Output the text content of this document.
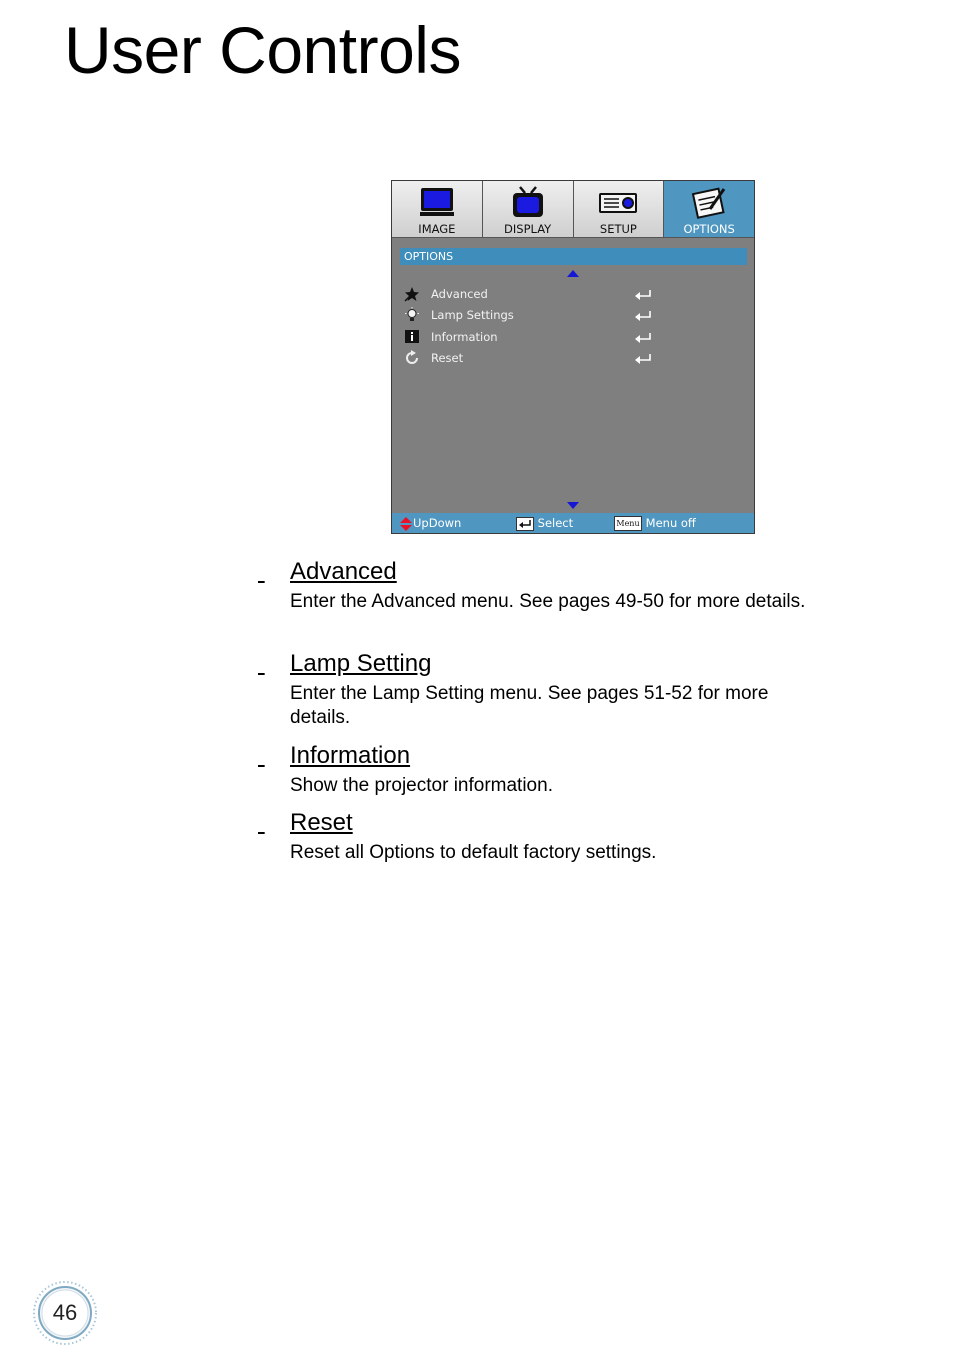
User Controls
IMAGE	DISPLAY	SETUP	OPTIONS
OPTIONS
Advanced
Lamp Settings
Information
Reset
UpDown	Select	Menu Menu off
Advanced

Enter the Advanced menu. See pages 49-50 for more details.

Lamp Setting

Enter the Lamp Setting menu. See pages 51-52 for more details.

Information

Show the projector information.

Reset

Reset all Options to default factory settings.

46
